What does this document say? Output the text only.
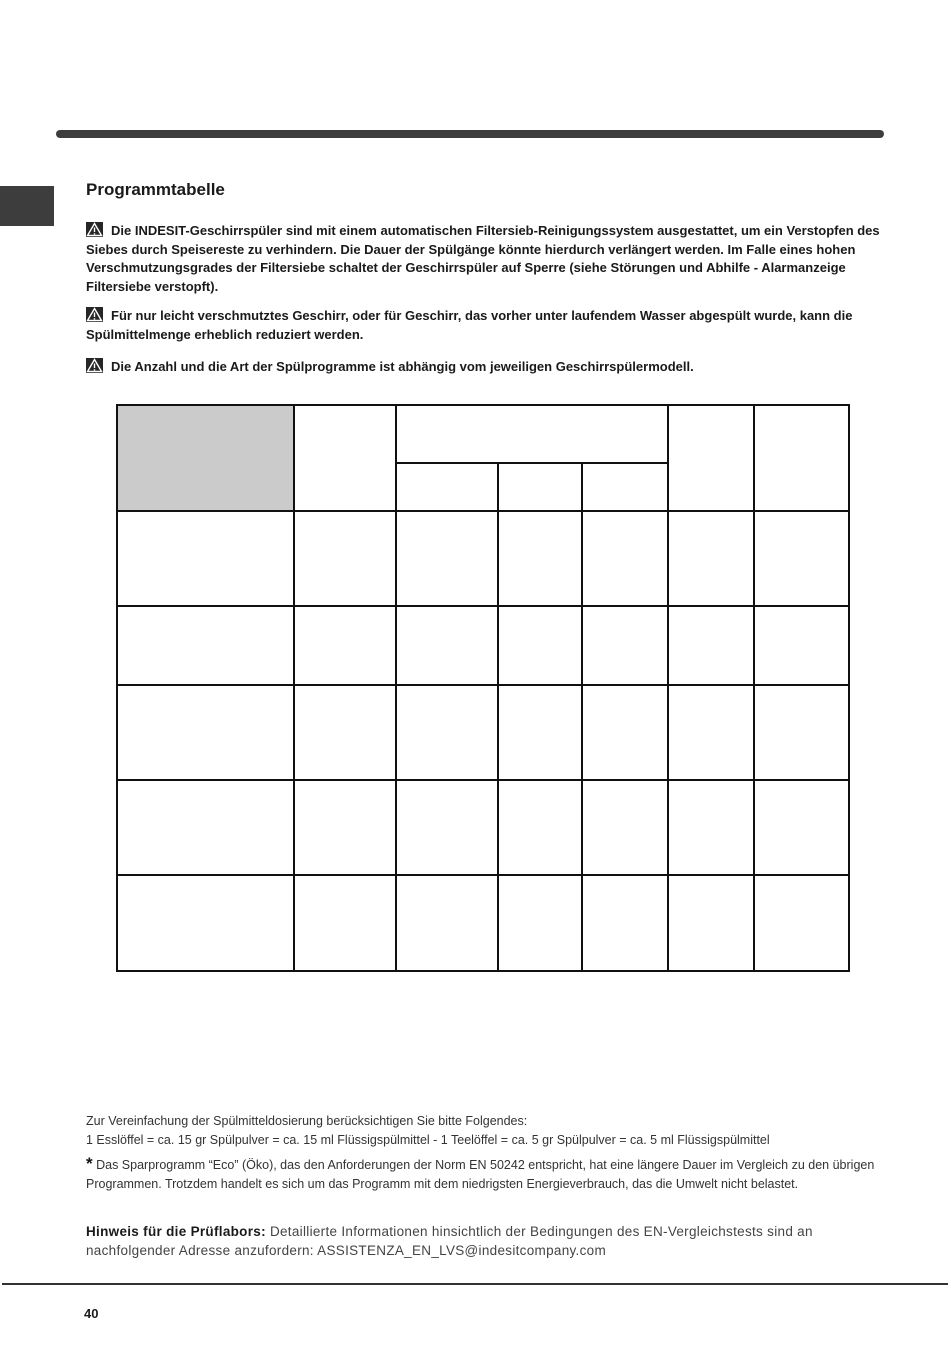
Programmtabelle
Die INDESIT-Geschirrspüler sind mit einem automatischen Filtersieb-Reinigungssystem ausgestattet, um ein Verstopfen des Siebes durch Speisereste zu verhindern. Die Dauer der Spülgänge könnte hierdurch verlängert werden. Im Falle eines hohen Verschmutzungsgrades der Filtersiebe schaltet der Geschirrspüler auf Sperre (siehe Störungen und Abhilfe - Alarmanzeige Filtersiebe verstopft).
Für nur leicht verschmutztes Geschirr, oder für Geschirr, das vorher unter laufendem Wasser abgespült wurde, kann die Spülmittelmenge erheblich reduziert werden.
Die Anzahl und die Art der Spülprogramme ist abhängig vom jeweiligen Geschirrspülermodell.

Zur Vereinfachung der Spülmitteldosierung berücksichtigen Sie bitte Folgendes:
1 Esslöffel = ca. 15 gr Spülpulver = ca. 15 ml Flüssigspülmittel - 1 Teelöffel = ca. 5 gr Spülpulver = ca. 5 ml Flüssigspülmittel
* Das Sparprogramm “Eco” (Öko), das den Anforderungen der Norm EN 50242 entspricht, hat eine längere Dauer im Vergleich zu den übrigen Programmen. Trotzdem handelt es sich um das Programm mit dem niedrigsten Energieverbrauch, das die Umwelt nicht belastet.
Hinweis für die Prüflabors: Detaillierte Informationen hinsichtlich der Bedingungen des EN-Vergleichstests sind an nachfolgender Adresse anzufordern: ASSISTENZA_EN_LVS@indesitcompany.com
40
